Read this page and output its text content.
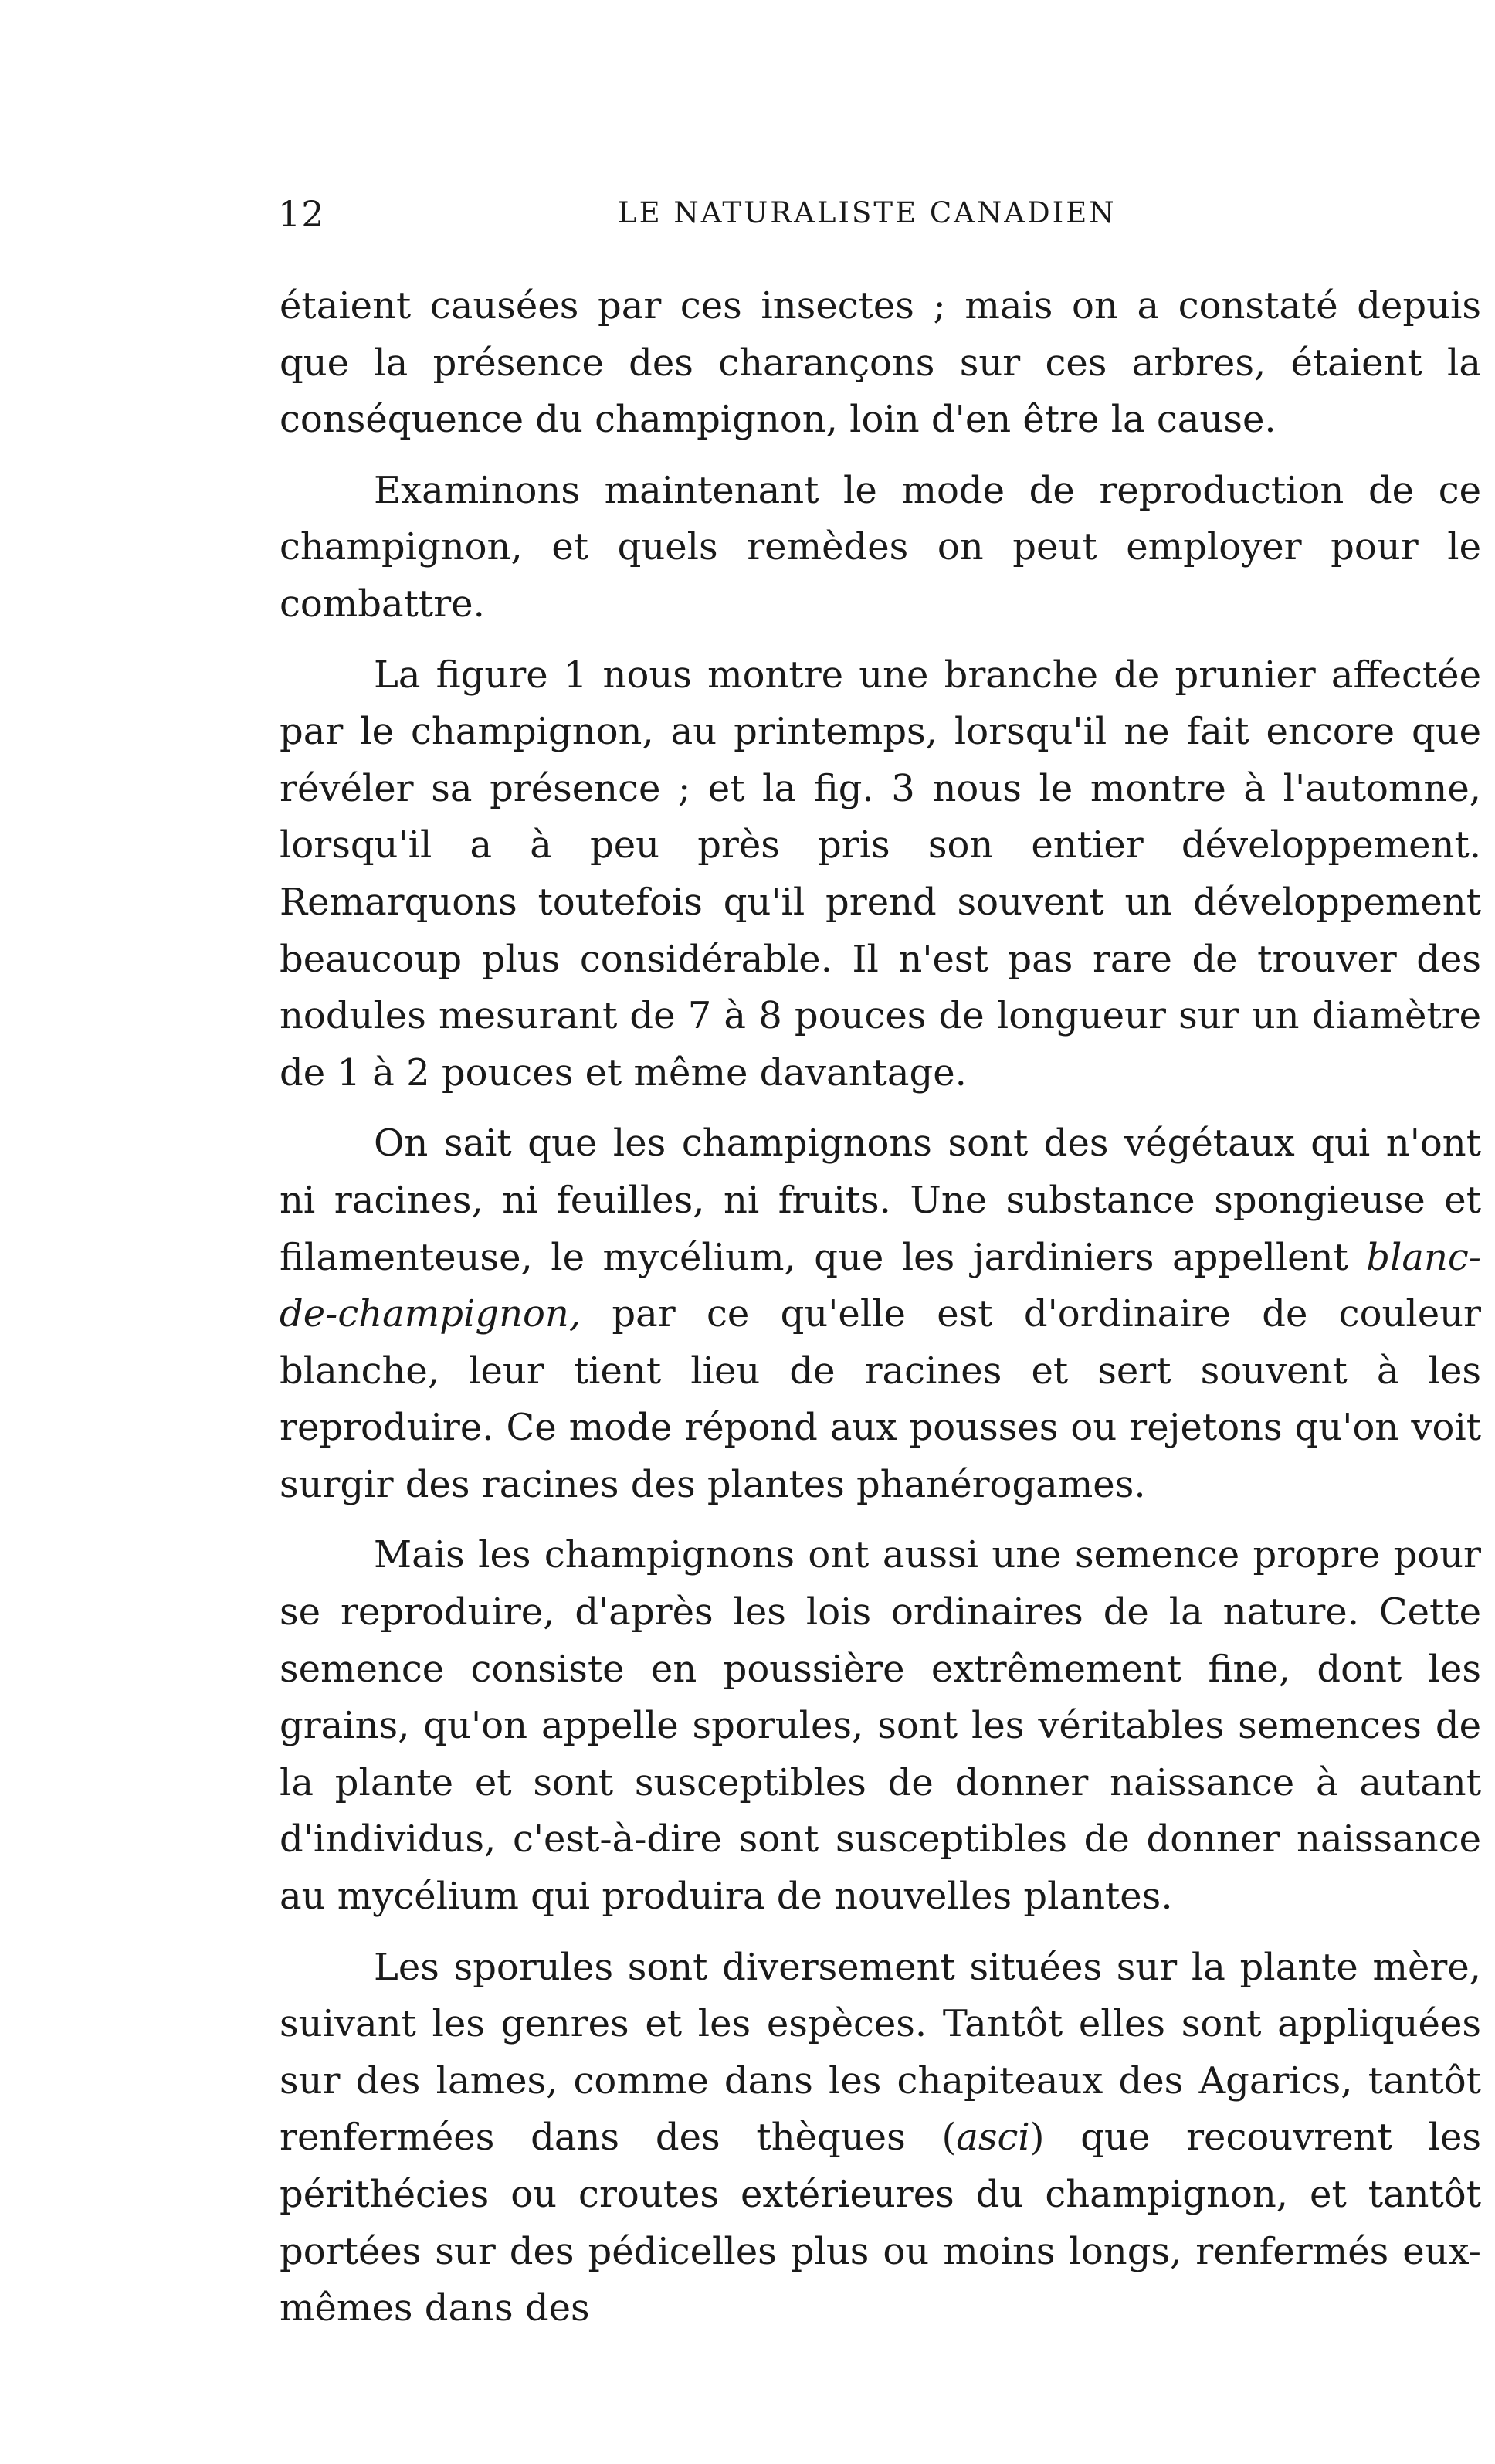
12	LE NATURALISTE CANADIEN

étaient causées par ces insectes ; mais on a constaté depuis que la présence des charançons sur ces arbres, étaient la conséquence du champignon, loin d'en être la cause.

Examinons maintenant le mode de reproduction de ce champignon, et quels remèdes on peut employer pour le combattre.

La figure 1 nous montre une branche de prunier affectée par le champignon, au printemps, lorsqu'il ne fait encore que révéler sa présence ; et la fig. 3 nous le montre à l'automne, lorsqu'il a à peu près pris son entier développement. Remarquons toutefois qu'il prend souvent un développement beaucoup plus considérable. Il n'est pas rare de trouver des nodules mesurant de 7 à 8 pouces de longueur sur un diamètre de 1 à 2 pouces et même davantage.

On sait que les champignons sont des végétaux qui n'ont ni racines, ni feuilles, ni fruits. Une substance spongieuse et filamenteuse, le mycélium, que les jardiniers appellent blanc-de-champignon, par ce qu'elle est d'ordinaire de couleur blanche, leur tient lieu de racines et sert souvent à les reproduire. Ce mode répond aux pousses ou rejetons qu'on voit surgir des racines des plantes phanérogames.

Mais les champignons ont aussi une semence propre pour se reproduire, d'après les lois ordinaires de la nature. Cette semence consiste en poussière extrêmement fine, dont les grains, qu'on appelle sporules, sont les véritables semences de la plante et sont susceptibles de donner naissance à autant d'individus, c'est-à-dire sont susceptibles de donner naissance au mycélium qui produira de nouvelles plantes.

Les sporules sont diversement situées sur la plante mère, suivant les genres et les espèces. Tantôt elles sont appliquées sur des lames, comme dans les chapiteaux des Agarics, tantôt renfermées dans des thèques (asci) que recouvrent les périthécies ou croutes extérieures du champignon, et tantôt portées sur des pédicelles plus ou moins longs, renfermés eux-mêmes dans des
